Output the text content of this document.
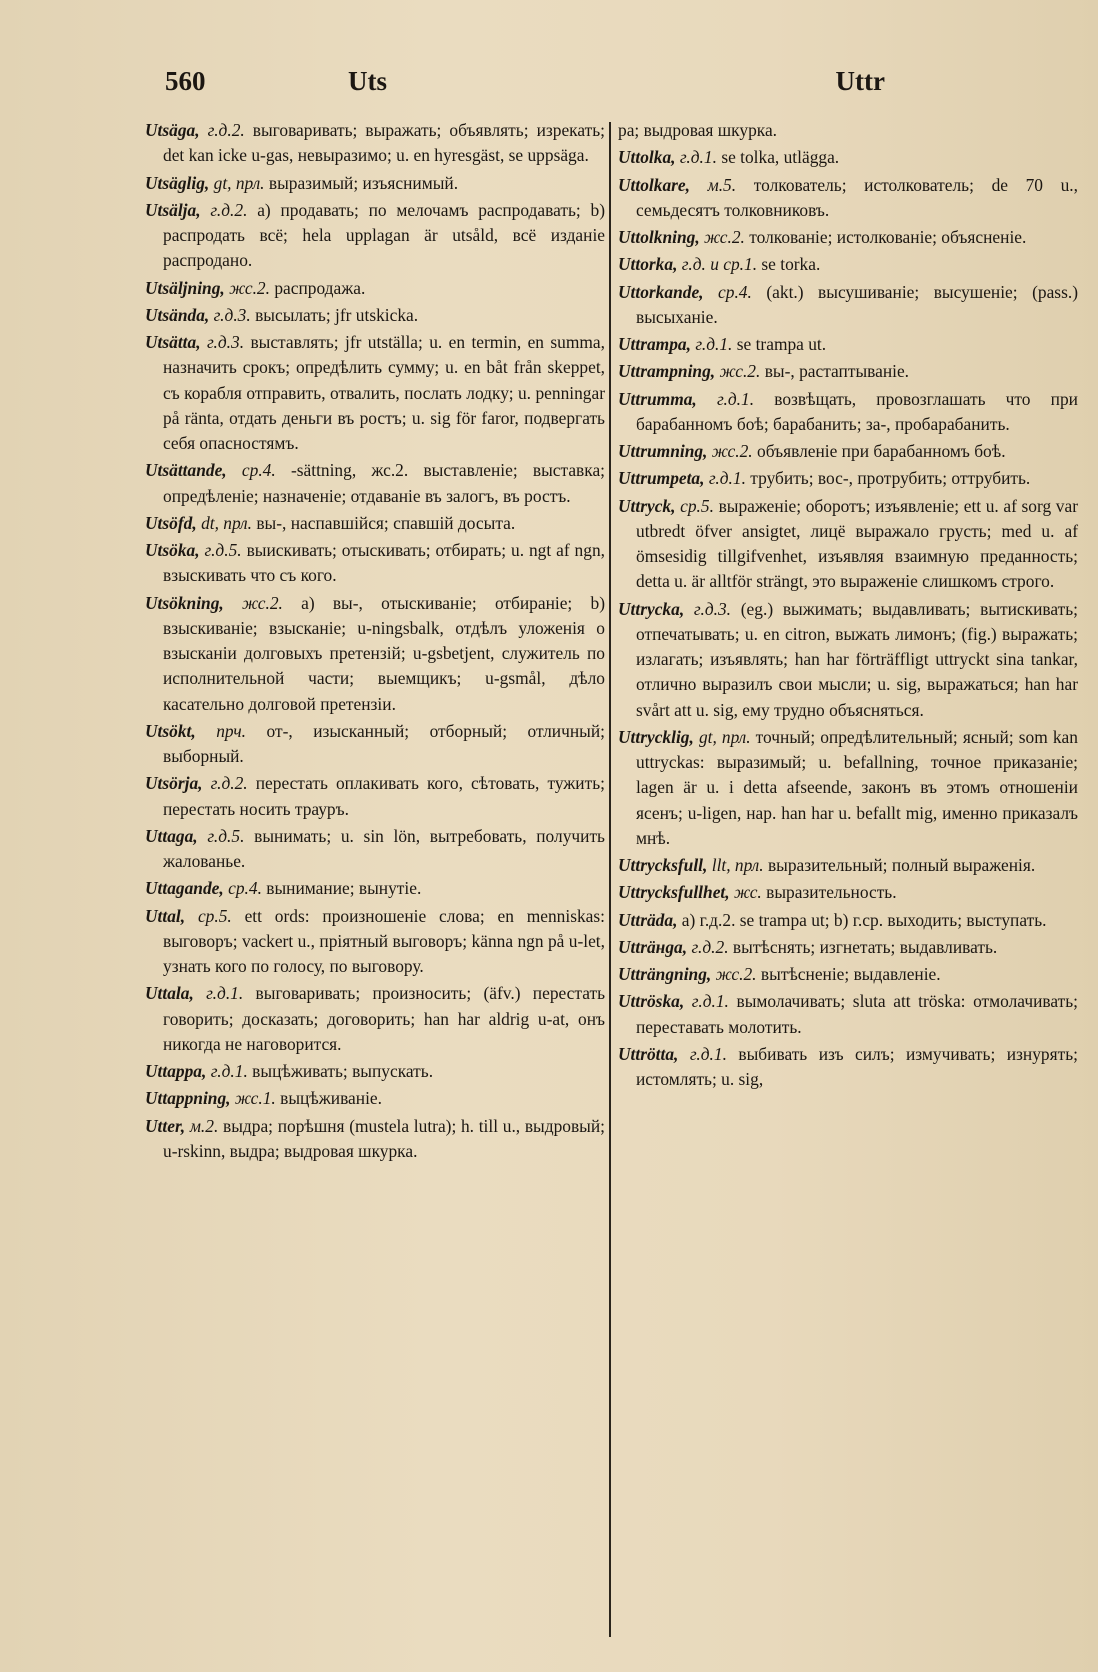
560	Uts	Uttr
Utsäga, г.д.2. выговаривать; выражать; объявлять; изрекать; det kan icke u-gas, невыразимо; u. en hyresgäst, se uppsäga.
Utsäglig, gt, прл. выразимый; изъяснимый.
Utsälja, г.д.2. а) продавать; по мелочамъ распродавать; b) распродать всё; hela upplagan är utsåld, всё изданіе распродано.
Utsäljning, жс.2. распродажа.
Utsända, г.д.3. высылать; jfr utskicka.
Utsätta, г.д.3. выставлять; jfr utställa; u. en termin, en summa, назначить срокъ; опредѣлить сумму; u. en båt från skeppet, съ корабля отправить, отвалить, послать лодку; u. penningar på ränta, отдать деньги въ ростъ; u. sig för faror, подвергать себя опасностямъ.
Utsättande, ср.4. -sättning, жс.2. выставленіе; выставка; опредѣленіе; назначеніе; отдаваніе въ залогъ, въ ростъ.
Utsöfd, dt, прл. вы-, наспавшійся; спавшій досыта.
Utsöka, г.д.5. выискивать; отыскивать; отбирать; u. ngt af ngn, взыскивать что съ кого.
Utsökning, жс.2. а) вы-, отыскиваніе; отбираніе; b) взыскиваніе; взысканіе; u-ningsbalk, отдѣлъ уложенія о взысканіи долговыхъ претензій; u-gsbetjent, служитель по исполнительной части; выемщикъ; u-gsmål, дѣло касательно долговой претензіи.
Utsökt, прч. от-, изысканный; отборный; отличный; выборный.
Utsörja, г.д.2. перестать оплакивать кого, сѣтовать, тужить; перестать носить трауръ.
Uttaga, г.д.5. вынимать; u. sin lön, вытребовать, получить жалованье.
Uttagande, ср.4. вынимание; вынутіе.
Uttal, ср.5. ett ords: произношеніе слова; en menniskas: выговоръ; vackert u., пріятный выговоръ; känna ngn på u-let, узнать кого по голосу, по выговору.
Uttala, г.д.1. выговаривать; произносить; (äfv.) перестать говорить; досказать; договорить; han har aldrig u-at, онъ никогда не наговорится.
Uttappa, г.д.1. выцѣживать; выпускать.
Uttappning, жс.1. выцѣживаніе.
Utter, м.2. выдра; порѣшня (mustela lutra); h. till u., выдровый; u-rskinn, выдра; выдровая шкурка.
ра; выдровая шкурка.
Uttolka, г.д.1. se tolka, utlägga.
Uttolkare, м.5. толкователь; истолкователь; de 70 u., семьдесятъ толковниковъ.
Uttolkning, жс.2. толкованіе; истолкованіе; объясненіе.
Uttorka, г.д. и ср.1. se torka.
Uttorkande, ср.4. (akt.) высушиваніе; высушеніе; (pass.) высыханіе.
Uttrampa, г.д.1. se trampa ut.
Uttrampning, жс.2. вы-, растаптываніе.
Uttrumma, г.д.1. возвѣщать, провозглашать что при барабанномъ боѣ; барабанить; за-, пробарабанить.
Uttrumning, жс.2. объявленіе при барабанномъ боѣ.
Uttrumpeta, г.д.1. трубить; вос-, протрубить; оттрубить.
Uttryck, ср.5. выраженіе; оборотъ; изъявленіе; ett u. af sorg var utbredt öfver ansigtet, лицё выражало грусть; med u. af ömsesidig tillgifvenhet, изъявляя взаимную преданность; detta u. är alltför strängt, это выраженіе слишкомъ строго.
Uttrycka, г.д.3. (eg.) выжимать; выдавливать; вытискивать; отпечатывать; u. en citron, выжать лимонъ; (fig.) выражать; излагать; изъявлять; han har förträffligt uttryckt sina tankar, отлично выразилъ свои мысли; u. sig, выражаться; han har svårt att u. sig, ему трудно объясняться.
Uttrycklig, gt, прл. точный; опредѣлительный; ясный; som kan uttryckas: выразимый; u. befallning, точное приказаніе; lagen är u. i detta afseende, законъ въ этомъ отношеніи ясенъ; u-ligen, нар. han har u. befallt mig, именно приказалъ мнѣ.
Uttrycksfull, llt, прл. выразительный; полный выраженія.
Uttrycksfullhet, жс. выразительность.
Utträda, а) г.д.2. se trampa ut; b) г.ср. выходить; выступать.
Utträнga, г.д.2. вытѣснять; изгнетать; выдавливать.
Utträngning, жс.2. вытѣсненіе; выдавленіе.
Uttröska, г.д.1. вымолачивать; sluta att tröska: отмолачивать; переставать молотить.
Uttrötta, г.д.1. выбивать изъ силъ; измучивать; изнурять; истомлять; u. sig,
